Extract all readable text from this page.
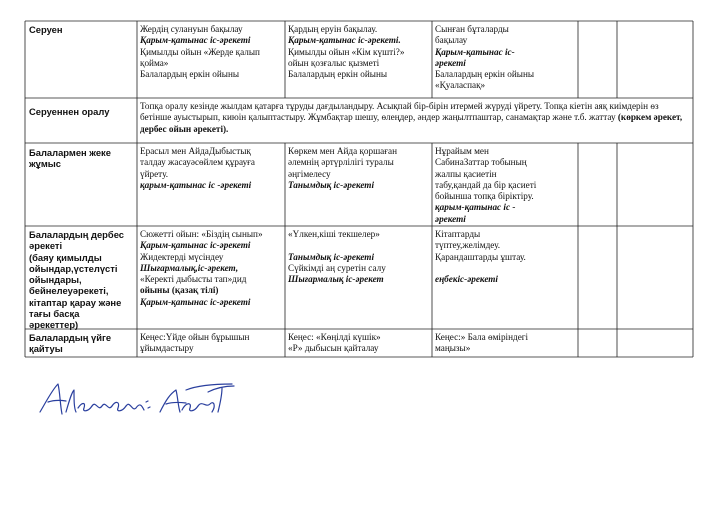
Серуен	Жердің сулануын бақылау
Қарым-қатынас іс-әрекеті
Қимылды ойын «Жерде қалып
қойма»
Балалардың еркін ойыны
Қардың еруін бақылау.
Қарым-қатынас іс-әрекеті.
Қимылды ойын «Кім күшті?»
ойын қозғалыс қызметі
Балалардың еркін ойыны
Сынған бұталарды
бақылау
Қарым-қатынас іс-
әрекеті
Балалардың еркін ойыны
«Қуаласпақ»
Серуеннен оралу	Топқа оралу кезінде жылдам қатарға тұруды дағдыландыру. Асықпай бір-бірін итермей жүруді үйрету. Топқа кіетін аяқ киімдерін өз бетінше ауыстырып, киюін қалыптастыру. Жұмбақтар шешу, өлеңдер, әндер жаңылтпаштар, санамақтар және т.б. жаттау (көркем әрекет, дербес ойын әрекеті).
Балалармен жеке
жұмыс
Ерасыл мен АйдаДыбыстық
талдау жасауәсөйлем құрауға
үйрету.
қарым-қатынас іс -әрекеті
Көркем мен Айда қоршаған
әлемнің әртүрлілігі туралы
әңгімелесу
Танымдық іс-әрекеті
Нұрайым мен
СабинаЗаттар тобының
жалпы қасиетін
табу,қандай да бір қасиеті
бойынша топқа біріктіру.
қарым-қатынас іс -
әрекеті
Балалардың дербес
әрекеті
(баяу қимылды
ойындар,үстелүсті
ойындары,
бейнелеуәрекеті,
кітаптар қарау және
тағы басқа
әрекеттер)
Сюжетті ойын: «Біздің сынып»
Қарым-қатынас іс-әрекеті
Жидектерді мүсіндеу
Шығармалық,іс-әрекет,
«Керекті дыбысты тап»дид
ойыны (қазақ тілі)
Қарым-қатынас іс-әрекеті
«Үлкен,кіші текшелер»

Танымдық іс-әрекеті
Сүйкімді аң суретін салу
Шығармалық іс-әрекет
Кітаптарды
түптеу,желімдеу.
Қарандаштарды ұштау.

еңбекіс-әрекеті
Балалардың үйге
қайтуы
Кеңес:Үйде ойын бұрышын
ұйымдастыру
Кеңес: «Көңілді күшік»
«Р» дыбысын қайталау
Кеңес:» Бала өміріндегі
маңызы»
